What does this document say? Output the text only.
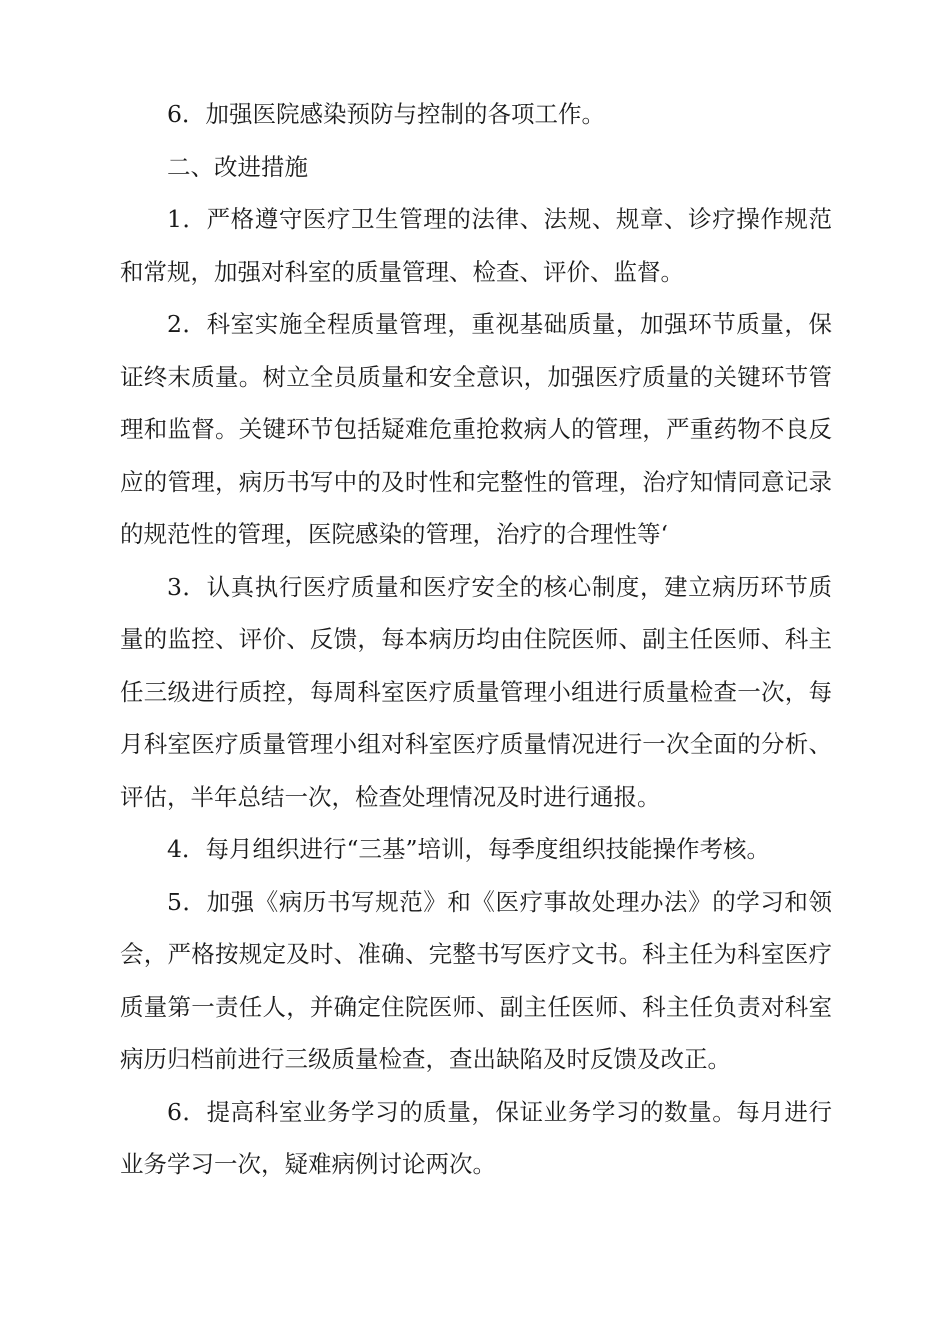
6．加强医院感染预防与控制的各项工作。

二、改进措施

1．严格遵守医疗卫生管理的法律、法规、规章、诊疗操作规范和常规，加强对科室的质量管理、检查、评价、监督。

2．科室实施全程质量管理，重视基础质量，加强环节质量，保证终末质量。树立全员质量和安全意识，加强医疗质量的关键环节管理和监督。关键环节包括疑难危重抢救病人的管理，严重药物不良反应的管理，病历书写中的及时性和完整性的管理，治疗知情同意记录的规范性的管理，医院感染的管理，治疗的合理性等‘

3．认真执行医疗质量和医疗安全的核心制度，建立病历环节质量的监控、评价、反馈，每本病历均由住院医师、副主任医师、科主任三级进行质控，每周科室医疗质量管理小组进行质量检查一次，每月科室医疗质量管理小组对科室医疗质量情况进行一次全面的分析、评估，半年总结一次，检查处理情况及时进行通报。

4．每月组织进行“三基”培训，每季度组织技能操作考核。

5．加强《病历书写规范》和《医疗事故处理办法》的学习和领会，严格按规定及时、准确、完整书写医疗文书。科主任为科室医疗质量第一责任人，并确定住院医师、副主任医师、科主任负责对科室病历归档前进行三级质量检查，查出缺陷及时反馈及改正。

6．提高科室业务学习的质量，保证业务学习的数量。每月进行业务学习一次，疑难病例讨论两次。
